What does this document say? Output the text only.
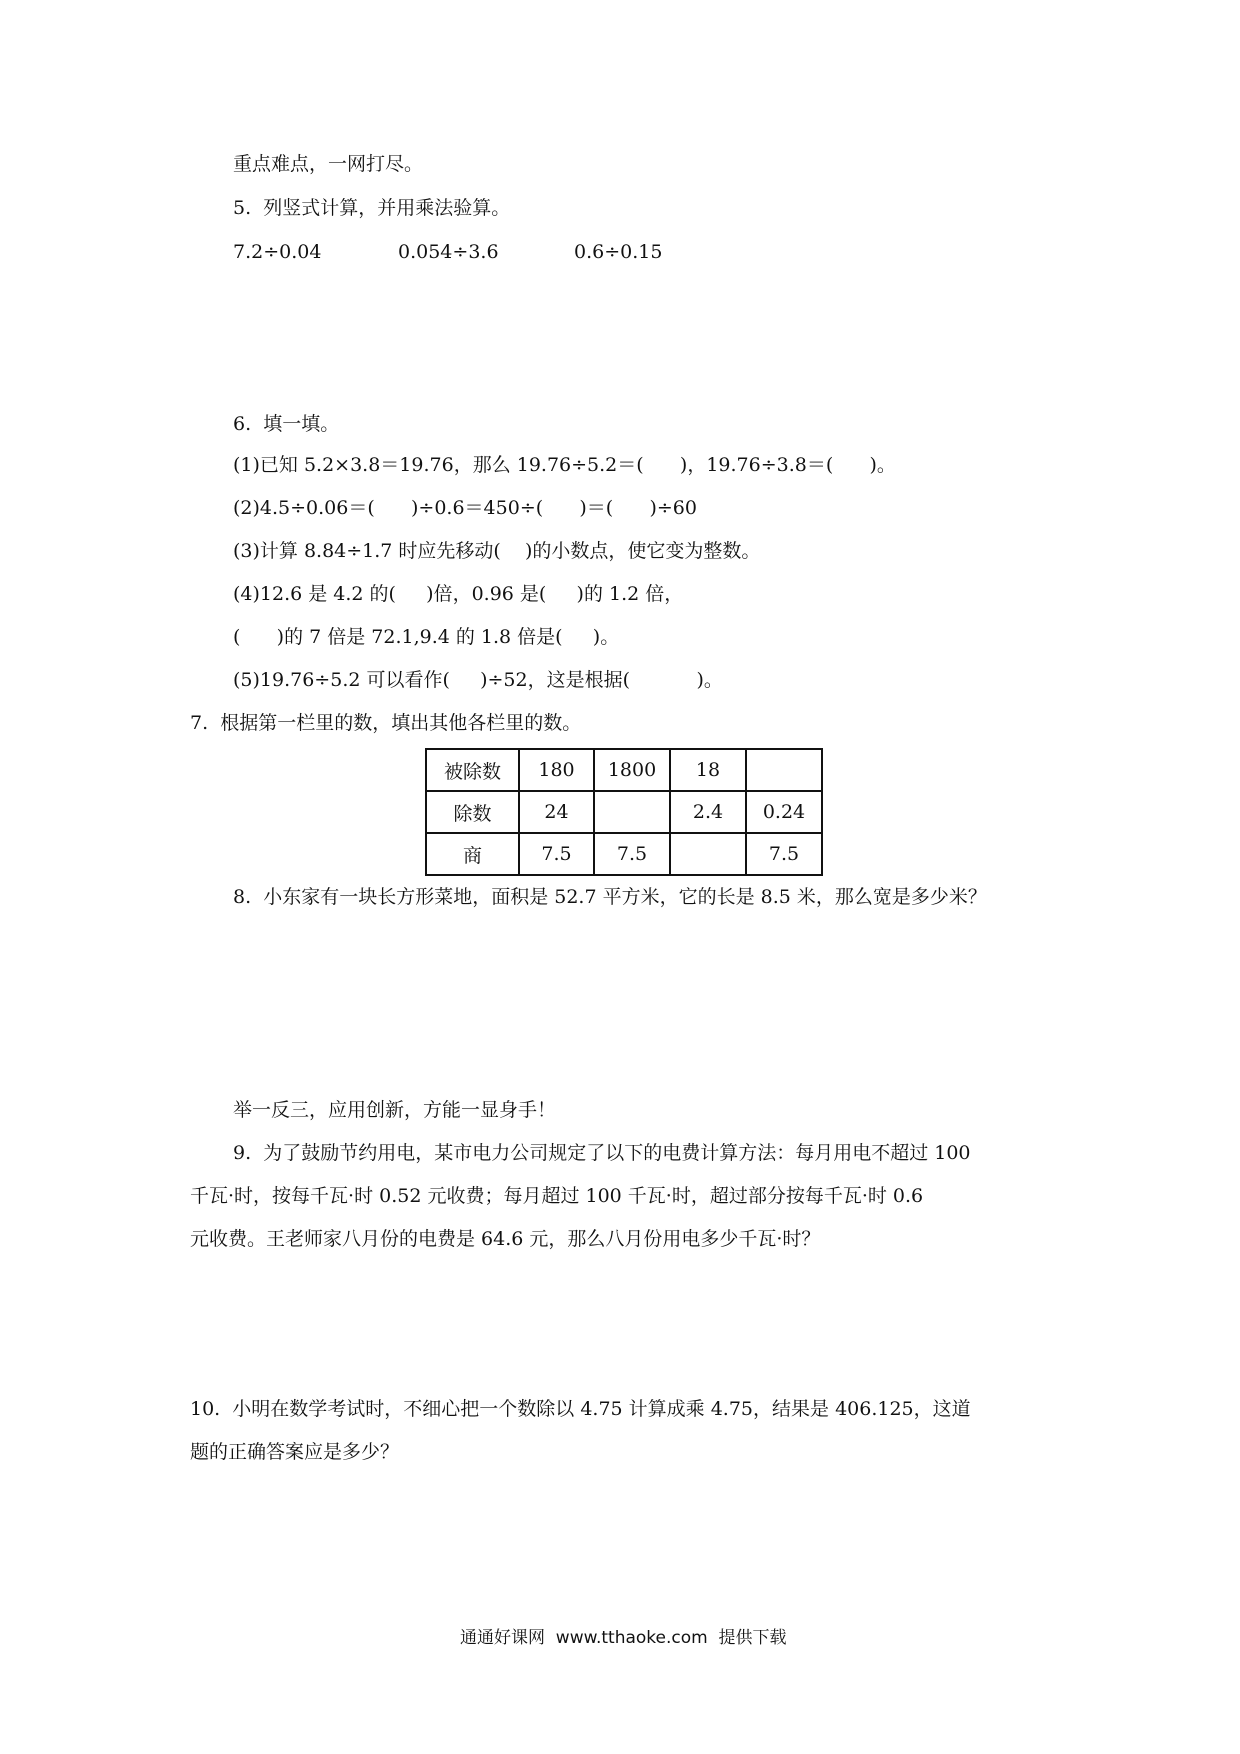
重点难点，一网打尽。
5.  列竖式计算，并用乘法验算。
7.2÷0.04	0.054÷3.6	0.6÷0.15
6.  填一填。
(1)已知 5.2×3.8＝19.76，那么 19.76÷5.2＝(      )，19.76÷3.8＝(      )。
(2)4.5÷0.06＝(      )÷0.6＝450÷(      )＝(      )÷60
(3)计算 8.84÷1.7 时应先移动(    )的小数点，使它变为整数。
(4)12.6 是 4.2 的(     )倍，0.96 是(     )的 1.2 倍，
(      )的 7 倍是 72.1,9.4 的 1.8 倍是(     )。
(5)19.76÷5.2 可以看作(     )÷52，这是根据(           )。
7.  根据第一栏里的数，填出其他各栏里的数。
被除数	180	1800	18	
除数	24		2.4	0.24
商	7.5	7.5		7.5
8.  小东家有一块长方形菜地，面积是 52.7 平方米，它的长是 8.5 米，那么宽是多少米？
举一反三，应用创新，方能一显身手！
9.  为了鼓励节约用电，某市电力公司规定了以下的电费计算方法：每月用电不超过 100
千瓦·时，按每千瓦·时 0.52 元收费；每月超过 100 千瓦·时，超过部分按每千瓦·时 0.6
元收费。王老师家八月份的电费是 64.6 元，那么八月份用电多少千瓦·时？
10.  小明在数学考试时，不细心把一个数除以 4.75 计算成乘 4.75，结果是 406.125，这道
题的正确答案应是多少？
通通好课网  www.tthaoke.com  提供下载
